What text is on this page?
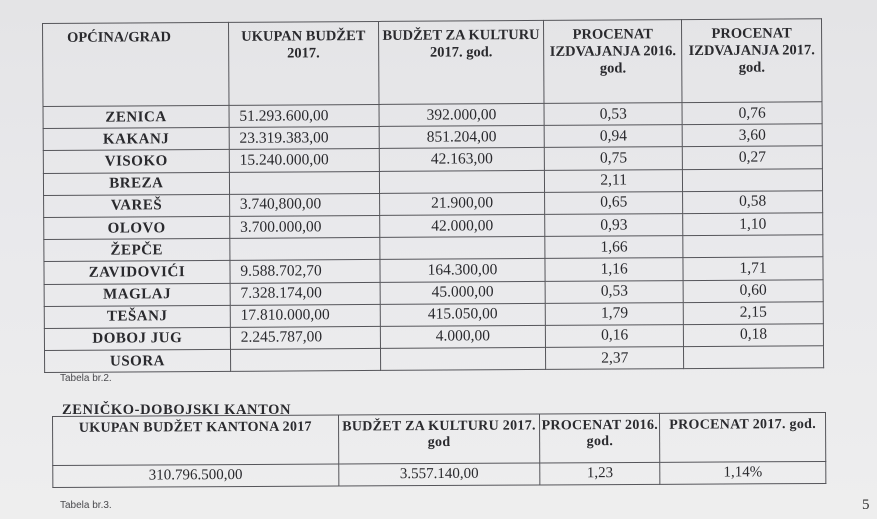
OPĆINA/GRAD	UKUPAN BUDŽET 2017.	BUDŽET ZA KULTURU 2017. god.	PROCENAT IZDVAJANJA 2016. god.	PROCENAT IZDVAJANJA 2017. god.
ZENICA	51.293.600,00	392.000,00	0,53	0,76
KAKANJ	23.319.383,00	851.204,00	0,94	3,60
VISOKO	15.240.000,00	42.163,00	0,75	0,27
BREZA			2,11	
VAREŠ	3.740,800,00	21.900,00	0,65	0,58
OLOVO	3.700.000,00	42.000,00	0,93	1,10
ŽEPČE			1,66	
ZAVIDOVIĆI	9.588.702,70	164.300,00	1,16	1,71
MAGLAJ	7.328.174,00	45.000,00	0,53	0,60
TEŠANJ	17.810.000,00	415.050,00	1,79	2,15
DOBOJ JUG	2.245.787,00	4.000,00	0,16	0,18
USORA			2,37	
Tabela br.2.
ZENIČKO-DOBOJSKI KANTON
UKUPAN BUDŽET KANTONA 2017	BUDŽET ZA KULTURU 2017. god	PROCENAT 2016. god.	PROCENAT 2017. god.
310.796.500,00	3.557.140,00	1,23	1,14%
Tabela br.3.	5
